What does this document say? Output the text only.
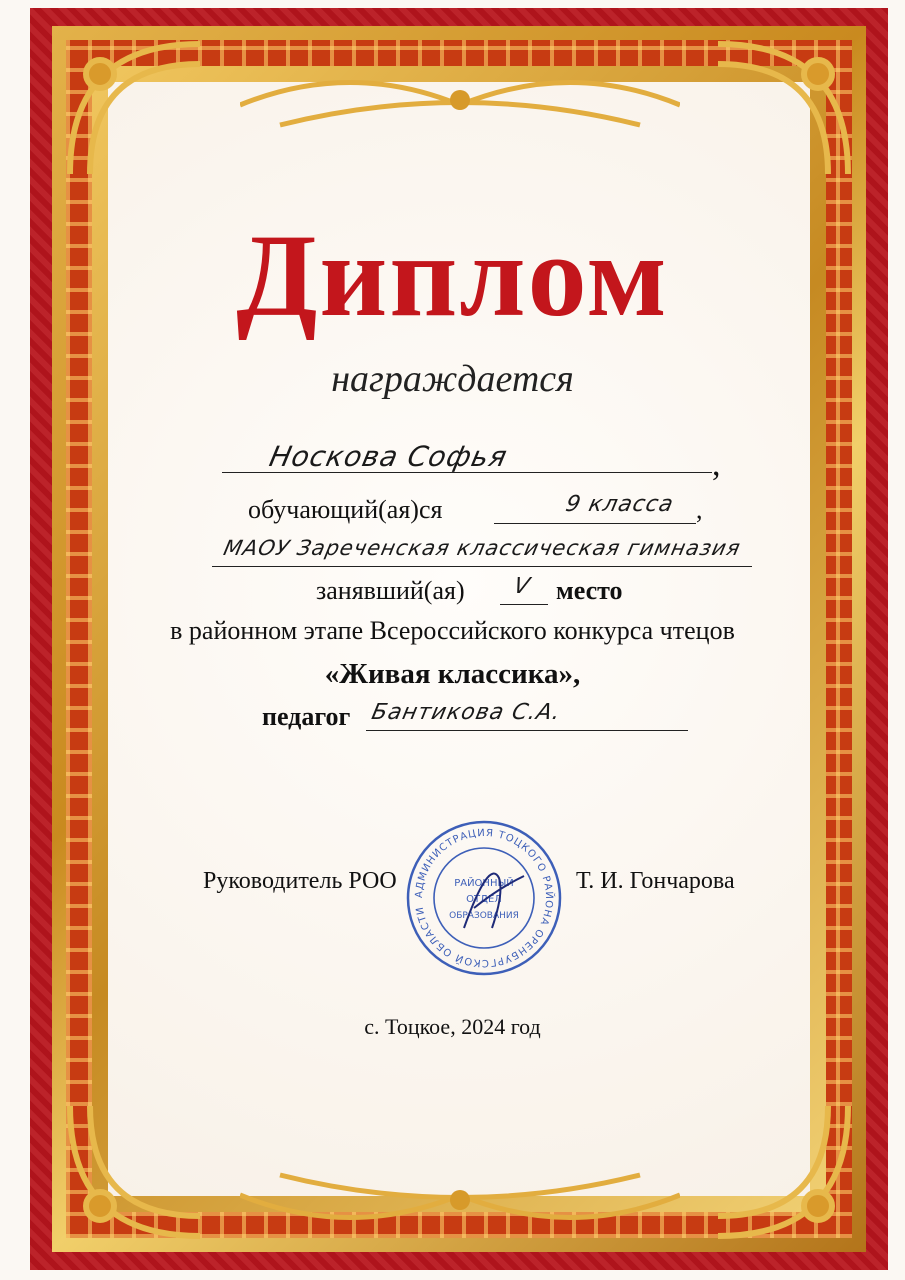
Диплом
награждается
Носкова Софья	,
обучающий(ая)ся	9 класса ,
МАОУ Зареченская классическая гимназия
занявший(ая) V место
в районном этапе Всероссийского конкурса чтецов
«Живая классика»,
педагог Бантикова С.А.
Руководитель РОО	Т. И. Гончарова
АДМИНИСТРАЦИЯ ТОЦКОГО РАЙОНА ОРЕНБУРГСКОЙ ОБЛАСТИ
РАЙОННЫЙ
ОТДЕЛ
ОБРАЗОВАНИЯ
с. Тоцкое, 2024 год
